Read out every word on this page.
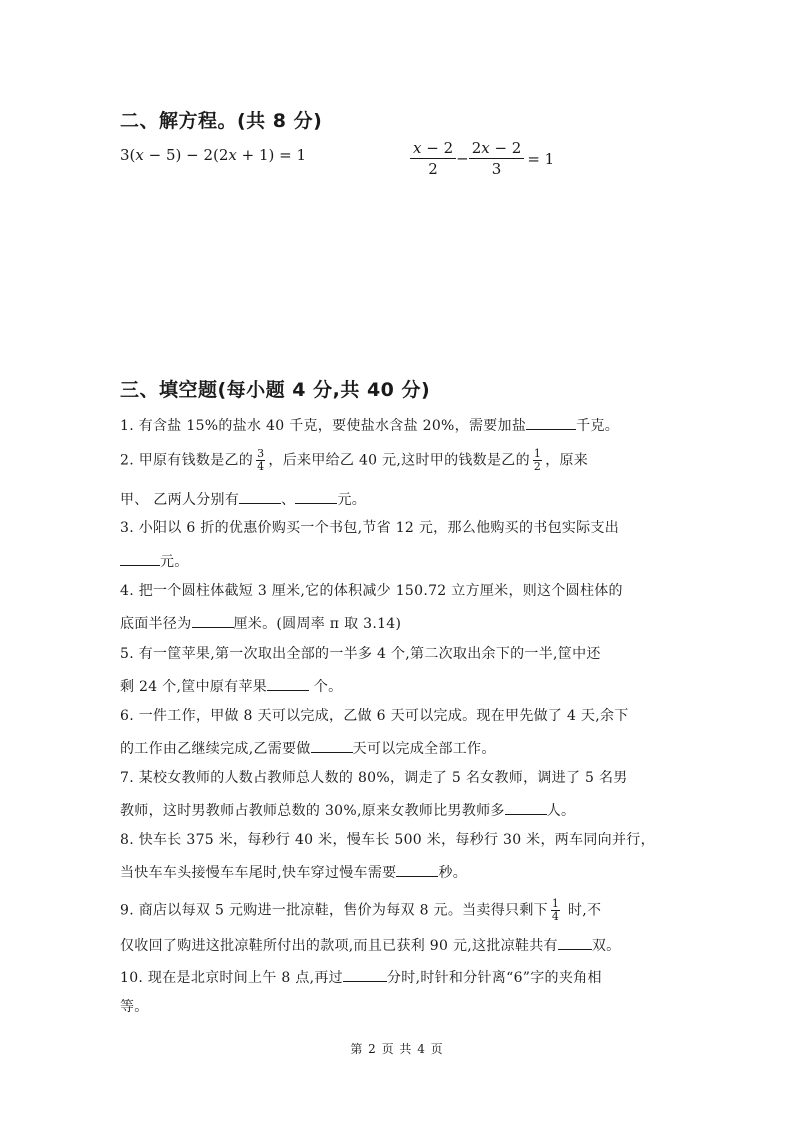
二、解方程。(共 8 分)
3(𝑥 − 5) − 2(2𝑥 + 1) = 1	$\frac{\text{𝑥 − 2}}{2} - \frac{\text{2𝑥 − 2}}{3} = 1$
三、填空题(每小题 4 分,共 40 分)
1. 有含盐 15%的盐水 40 千克，要使盐水含盐 20%，需要加盐	千克。
2. 甲原有钱数是乙的 $\frac{3}{4}$ ，后来甲给乙 40 元,这时甲的钱数是乙的 $\frac{1}{2}$ ，原来
甲、 乙两人分别有	、	元。
3. 小阳以 6 折的优惠价购买一个书包,节省 12 元，那么他购买的书包实际支出
元。
4. 把一个圆柱体截短 3 厘米,它的体积减少 150.72 立方厘米，则这个圆柱体的
底面半径为	厘米。(圆周率 π 取 3.14)
5. 有一筐苹果,第一次取出全部的一半多 4 个,第二次取出余下的一半,筐中还
剩 24 个,筐中原有苹果	个。
6. 一件工作，甲做 8 天可以完成，乙做 6 天可以完成。现在甲先做了 4 天,余下
的工作由乙继续完成,乙需要做	天可以完成全部工作。
7. 某校女教师的人数占教师总人数的 80%，调走了 5 名女教师，调进了 5 名男
教师，这时男教师占教师总数的 30%,原来女教师比男教师多	人。
8. 快车长 375 米，每秒行 40 米，慢车长 500 米，每秒行 30 米，两车同向并行，
当快车车头接慢车车尾时,快车穿过慢车需要	秒。
9. 商店以每双 5 元购进一批凉鞋，售价为每双 8 元。当卖得只剩下 $\frac{1}{4}$ 时,不
仅收回了购进这批凉鞋所付出的款项,而且已获利 90 元,这批凉鞋共有 双。
10. 现在是北京时间上午 8 点,再过	分时,时针和分针离“6”字的夹角相
等。
第 2 页 共 4 页
